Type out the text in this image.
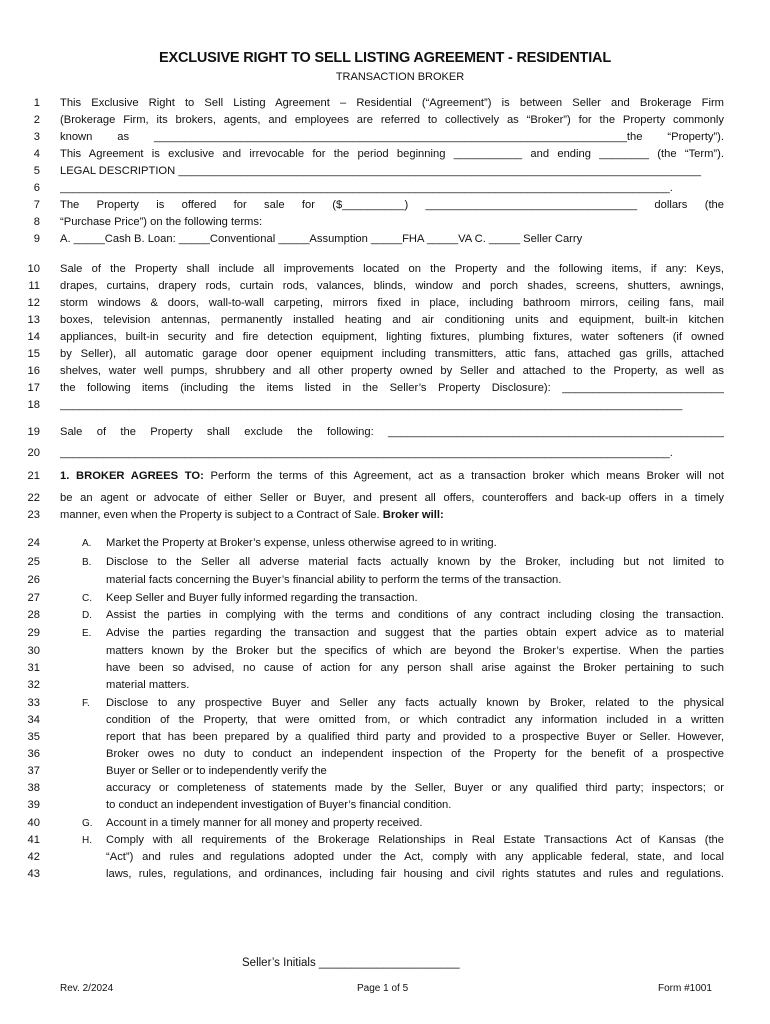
EXCLUSIVE RIGHT TO SELL LISTING AGREEMENT - RESIDENTIAL
TRANSACTION BROKER
1 This Exclusive Right to Sell Listing Agreement – Residential (“Agreement”) is between Seller and Brokerage Firm
2 (Brokerage Firm, its brokers, agents, and employees are referred to collectively as “Broker”) for the Property commonly
3 known as ____________________________________________________________________________the “Property”).
4 This Agreement is exclusive and irrevocable for the period beginning ___________ and ending ________ (the “Term”).
5 LEGAL DESCRIPTION ____________________________________________________________________________________
6 __________________________________________________________________________________________________.
7 The Property is offered for sale for ($__________) __________________________________ dollars (the
8 “Purchase Price”) on the following terms:
9 A. _____Cash B. Loan: _____Conventional _____Assumption _____FHA _____VA C. _____ Seller Carry
10 Sale of the Property shall include all improvements located on the Property and the following items, if any: Keys,
11 drapes, curtains, drapery rods, curtain rods, valances, blinds, window and porch shades, screens, shutters, awnings,
12 storm windows & doors, wall-to-wall carpeting, mirrors fixed in place, including bathroom mirrors, ceiling fans, mail
13 boxes, television antennas, permanently installed heating and air conditioning units and equipment, built-in kitchen
14 appliances, built-in security and fire detection equipment, lighting fixtures, plumbing fixtures, water softeners (if owned
15 by Seller), all automatic garage door opener equipment including transmitters, attic fans, attached gas grills, attached
16 shelves, water well pumps, shrubbery and all other property owned by Seller and attached to the Property, as well as
17 the following items (including the items listed in the Seller’s Property Disclosure): __________________________
18 ____________________________________________________________________________________________________
19 Sale of the Property shall exclude the following: ______________________________________________________
20 __________________________________________________________________________________________________.
21 1. BROKER AGREES TO: Perform the terms of this Agreement, act as a transaction broker which means Broker will not
22 be an agent or advocate of either Seller or Buyer, and present all offers, counteroffers and back-up offers in a timely
23 manner, even when the Property is subject to a Contract of Sale. Broker will:
24	A.	Market the Property at Broker’s expense, unless otherwise agreed to in writing.
25	B.	Disclose to the Seller all adverse material facts actually known by the Broker, including but not limited to
26	material facts concerning the Buyer’s financial ability to perform the terms of the transaction.
27	C.	Keep Seller and Buyer fully informed regarding the transaction.
28	D.	Assist the parties in complying with the terms and conditions of any contract including closing the transaction.
29	E.	Advise the parties regarding the transaction and suggest that the parties obtain expert advice as to material
30	matters known by the Broker but the specifics of which are beyond the Broker’s expertise. When the parties
31	have been so advised, no cause of action for any person shall arise against the Broker pertaining to such
32	material matters.
33	F.	Disclose to any prospective Buyer and Seller any facts actually known by Broker, related to the physical
34	condition of the Property, that were omitted from, or which contradict any information included in a written
35	report that has been prepared by a qualified third party and provided to a prospective Buyer or Seller. However,
36	Broker owes no duty to conduct an independent inspection of the Property for the benefit of a prospective
37	Buyer or Seller or to independently verify the
38	accuracy or completeness of statements made by the Seller, Buyer or any qualified third party; inspectors; or
39	to conduct an independent investigation of Buyer’s financial condition.
40	G.	Account in a timely manner for all money and property received.
41	H.	Comply with all requirements of the Brokerage Relationships in Real Estate Transactions Act of Kansas (the
42	“Act”) and rules and regulations adopted under the Act, comply with any applicable federal, state, and local
43	laws, rules, regulations, and ordinances, including fair housing and civil rights statutes and rules and regulations.
Seller’s Initials ______________________
Rev. 2/2024	Page 1 of 5	Form #1001
